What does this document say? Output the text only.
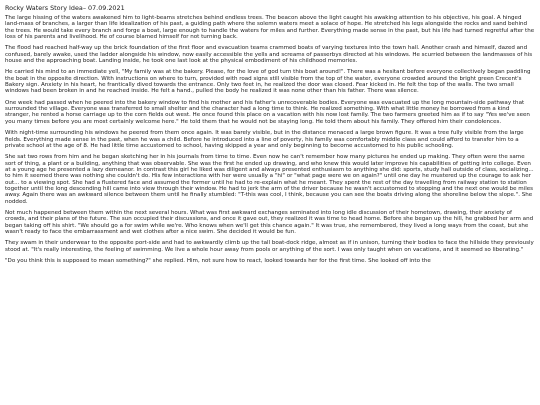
Rocky Waters Story Idea– 07.09.2021

The large hissing of the waters awakened him to light-beams stretches behind endless trees. The beacon above the light caught his awaking attention to his objective, his goal. A hinged land-mass of branches, a larger than life idealization of his past, a guiding path where the solemn waters meet a solace of hope. He stretched his legs alongside the rocks and sand behind the trees. He would take every branch and forge a boat, large enough to handle the waters for miles and further. Everything made sense in the past, but his life had turned regretful after the loss of his parents and livelihood. He of course blamed himself for not turning back.

The flood had reached half-way up the brick foundation of the first floor and evacuation teams crammed boats of varying textures into the town hall. Another crash and himself, dazed and confused, barely awake, used the ladder alongside his window, now easily accessible the yells and screams of passerbys directed at his windows. He scurried between the landmasses of his house and the approaching boat. Landing inside, he took one last look at the physical embodiment of his childhood memories.

He carried his mind to an immediate yell, "My family was at the bakery. Please, for the love of god turn this boat around!". There was a hesitant before everyone collectively began paddling the boat in the opposite direction. With instructions on where to turn, provided with road signs still visible from the top of the water, everyone crowded around the bright green Crecent's Bakery sign. Anxiety in his heart, he frantically dived towards the entrance. Only two feet in, he realized the door was closed. Fear kicked in. He felt the top of the walls. The two small windows had been broken in and he reached inside. He felt a hand., pulled the body he realized it was none other than his father. There was silence.

One week had passed when he peered into the bakery window to find his mother and his father's unrecoverable bodies. Everyone was evacuated up the long mountain-side pathway that surrounded the village. Everyone was transferred to small shelter and the character had a long time to think. He realized something. With what little money he borrowed from a kind stranger, he rented a horse carriage up to the corn fields out west. He once found this place on a vacation with his now lost family. The two farmers greeted him as if to say "Yes we've seen you many times before you are most certainly welcome here." He told them that he would not be staying long. He told them about his family. They offered him their condolences.

With night-time surrounding his windows he peered from them once again. It was barely visible, but in the distance menaced a large brown figure. It was a tree fully visible from the large fields. Everything made sense in the past, when he was a child. Before he introduced into a line of poverty, his family was comfortably middle class and could afford to transfer him to a private school at the age of 8. He had little time accustomed to school, having skipped a year and only beginning to become accustomed to his public schooling.

She sat two rows from him and he began sketching her in his journals from time to time. Even now he can't remember how many pictures he ended up making. They often were the same sort of thing, a plant or a building, anything that was observable. She was the first he ended up drawing, and who knew this would later improve his capabilities of getting into college. Even at a young age he presented a lazy demeanor. In contrast this girl he liked was diligent and always presented enthusiasm to anything she did: sports, study hall outside of class, socializing... to him it seemed there was nothing she couldn't do. His few interactions with her were usually a "hi" or "what page were we on again?" until one day he mustered up the courage to ask her out... to a viewing spot. She had a flustered face and assumed the former until he had to re-explain what he meant. They spent the rest of the day travelling from railway station to station together until the long descending hill came into view through their window. He had to jerk the arm of the driver because he wasn't accustomed to stopping and the next one would be miles away. Again there was an awkward silence between them until he finally stumbled: "T-this was cool, I think, because you can see the boats driving along the shoreline below the slope.". She nodded.

Not much happened between them within the next several hours. What was first awkward exchanges seminated into long idle discussion of their hometown, drawing, their anxiety of crowds, and their plans of the future. The sun occupied their discussions, and once it gave out, they realized it was time to head home. Before she began up the hill, he grabbed her arm and began taking off his shirt. "We should go a for swim while we're. Who knows when we'll get this chance again." It was true, she remembered, they lived a long ways from the coast, but she wasn't ready to face the embarrassment and wet clothes after a nice swim. She decided it would be fun.

They swam in their underwear to the opposite port-side and had to awkwardly climb up the tall boat-dock ridge, almost as if in unison, turning their bodies to face the hillside they previously stood at. "It's really interesting, the feeling of swimming. We live a whole hour away from pools or anything of the sort. I was only taught when on vacations, and it seemed so liberating."

"Do you think this is supposed to mean something?" she replied. Him, not sure how to react, looked towards her for the first time. She looked off into the
